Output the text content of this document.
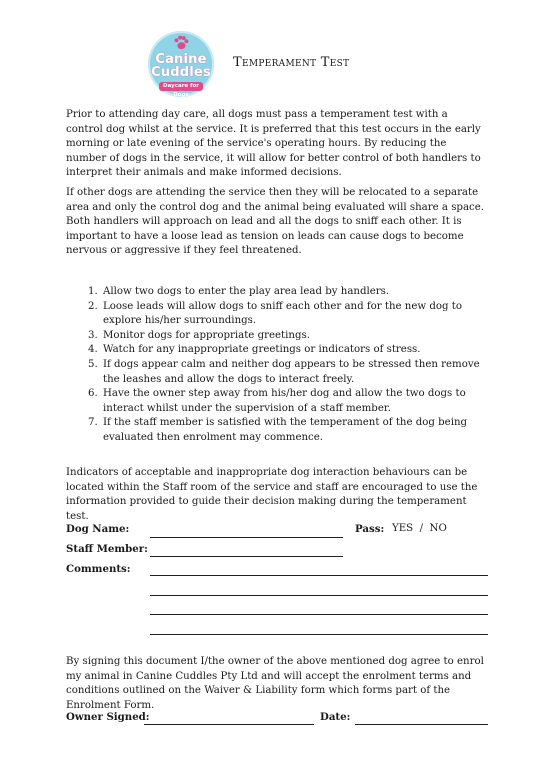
Canine
Cuddles
Daycare for Dogs
Temperament Test

Prior to attending day care, all dogs must pass a temperament test with a control dog whilst at the service. It is preferred that this test occurs in the early morning or late evening of the service's operating hours. By reducing the number of dogs in the service, it will allow for better control of both handlers to interpret their animals and make informed decisions.

If other dogs are attending the service then they will be relocated to a separate area and only the control dog and the animal being evaluated will share a space. Both handlers will approach on lead and all the dogs to sniff each other. It is important to have a loose lead as tension on leads can cause dogs to become nervous or aggressive if they feel threatened.

1. Allow two dogs to enter the play area lead by handlers.
2. Loose leads will allow dogs to sniff each other and for the new dog to explore his/her surroundings.
3. Monitor dogs for appropriate greetings.
4. Watch for any inappropriate greetings or indicators of stress.
5. If dogs appear calm and neither dog appears to be stressed then remove the leashes and allow the dogs to interact freely.
6. Have the owner step away from his/her dog and allow the two dogs to interact whilst under the supervision of a staff member.
7. If the staff member is satisfied with the temperament of the dog being evaluated then enrolment may commence.

Indicators of acceptable and inappropriate dog interaction behaviours can be located within the Staff room of the service and staff are encouraged to use the information provided to guide their decision making during the temperament test.

Dog Name:	Pass: YES  /  NO
Staff Member:
Comments:

By signing this document I/the owner of the above mentioned dog agree to enrol my animal in Canine Cuddles Pty Ltd and will accept the enrolment terms and conditions outlined on the Waiver & Liability form which forms part of the Enrolment Form.

Owner Signed:	Date:
